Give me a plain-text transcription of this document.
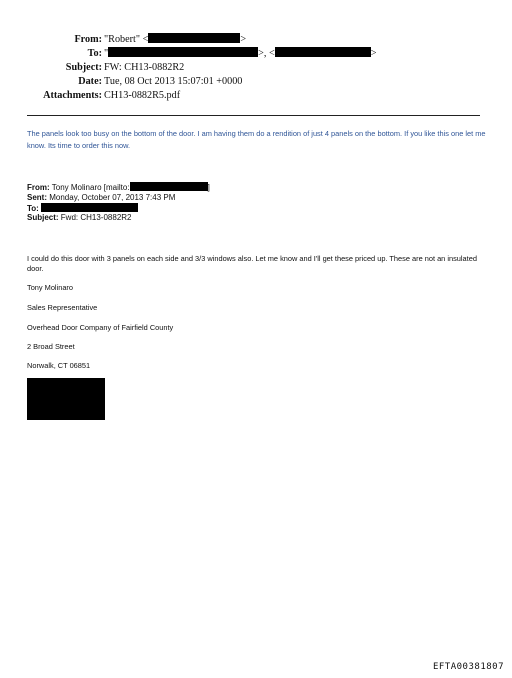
From: "Robert" <	>
To: "	>, <	>
Subject: FW: CH13-0882R2
Date: Tue, 08 Oct 2013 15:07:01 +0000
Attachments: CH13-0882R5.pdf
The panels look too busy on the bottom of the door. I am having them do a rendition of just 4 panels on the bottom. If you like this one let me know. Its time to order this now.
From: Tony Molinaro [mailto:	]
Sent: Monday, October 07, 2013 7:43 PM
To:
Subject: Fwd: CH13-0882R2
I could do this door with 3 panels on each side and 3/3 windows also. Let me know and I'll get these priced up. These are not an insulated door.
Tony Molinaro
Sales Representative
Overhead Door Company of Fairfield County
2 Broad Street
Norwalk, CT 06851
EFTA00381807
